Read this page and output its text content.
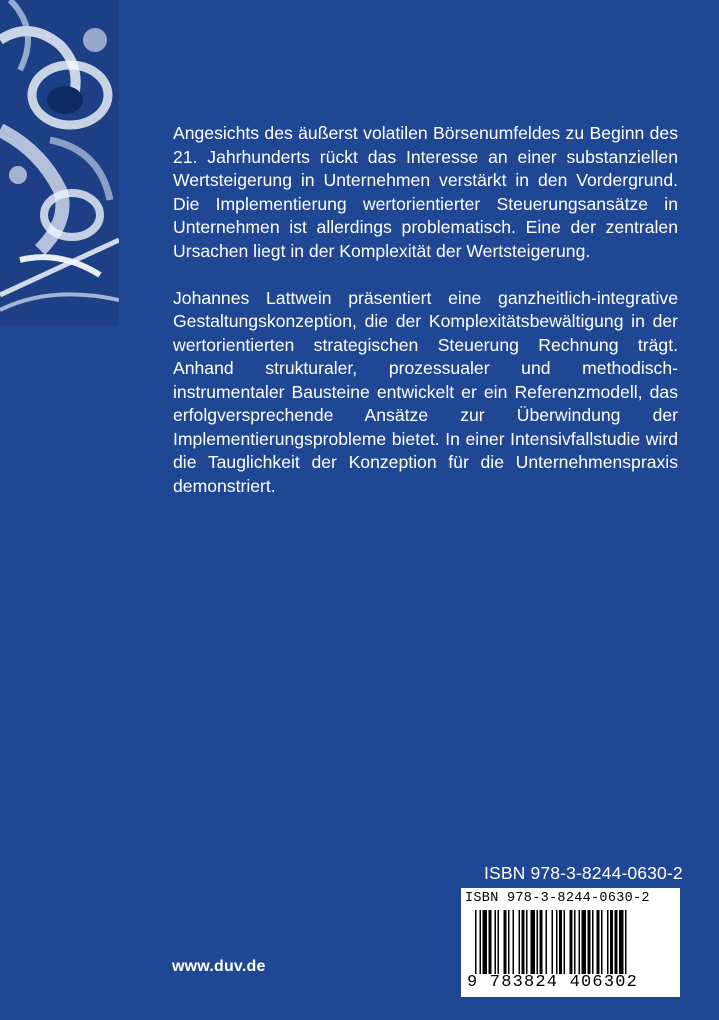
Angesichts des äußerst volatilen Börsenumfeldes zu Beginn des 21. Jahrhunderts rückt das Interesse an einer substanziellen Wertsteigerung in Unternehmen verstärkt in den Vordergrund. Die Implementierung wertorientierter Steuerungsansätze in Unternehmen ist allerdings problematisch. Eine der zentralen Ursachen liegt in der Komplexität der Wertsteigerung.

Johannes Lattwein präsentiert eine ganzheitlich-integrative Gestaltungskonzeption, die der Komplexitätsbewältigung in der wertorientierten strategischen Steuerung Rechnung trägt. Anhand strukturaler, prozessualer und methodisch-instrumentaler Bausteine entwickelt er ein Referenzmodell, das erfolgversprechende Ansätze zur Überwindung der Implementierungsprobleme bietet. In einer Intensivfallstudie wird die Tauglichkeit der Konzeption für die Unternehmenspraxis demonstriert.

ISBN 978-3-8244-0630-2
ISBN 978-3-8244-0630-2
9 783824 406302
www.duv.de
